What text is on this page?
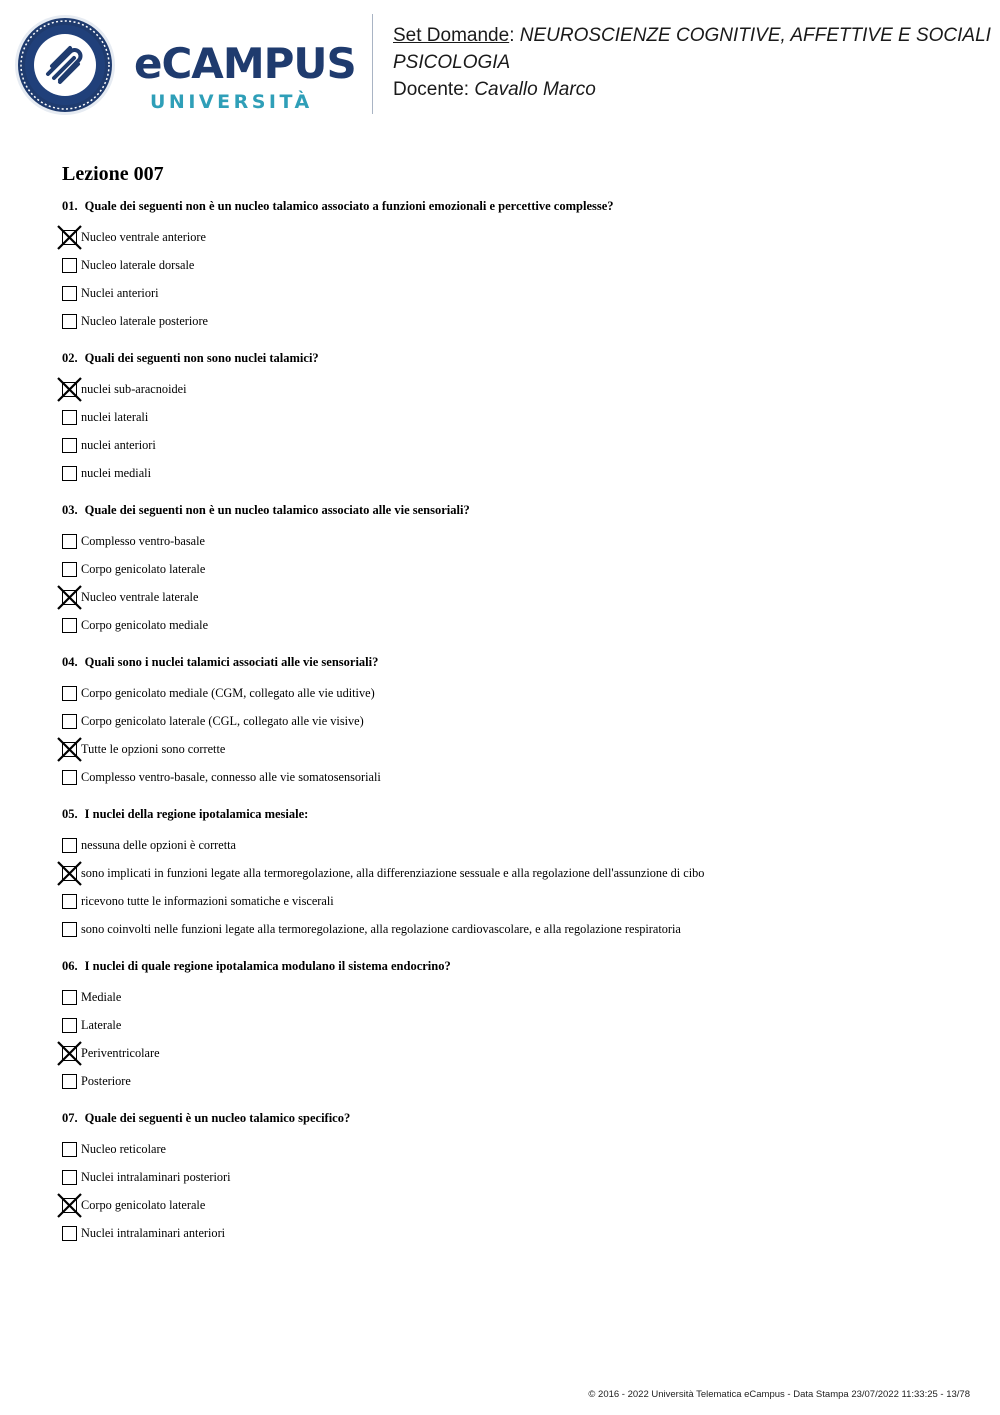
eCAMPUS
UNIVERSITÀ
Set Domande: NEUROSCIENZE COGNITIVE, AFFETTIVE E SOCIALI
PSICOLOGIA
Docente: Cavallo Marco
Lezione 007
01. Quale dei seguenti non è un nucleo talamico associato a funzioni emozionali e percettive complesse?
Nucleo ventrale anteriore
Nucleo laterale dorsale
Nuclei anteriori
Nucleo laterale posteriore
02. Quali dei seguenti non sono nuclei talamici?
nuclei sub-aracnoidei
nuclei laterali
nuclei anteriori
nuclei mediali
03. Quale dei seguenti non è un nucleo talamico associato alle vie sensoriali?
Complesso ventro-basale
Corpo genicolato laterale
Nucleo ventrale laterale
Corpo genicolato mediale
04. Quali sono i nuclei talamici associati alle vie sensoriali?
Corpo genicolato mediale (CGM, collegato alle vie uditive)
Corpo genicolato laterale (CGL, collegato alle vie visive)
Tutte le opzioni sono corrette
Complesso ventro-basale, connesso alle vie somatosensoriali
05. I nuclei della regione ipotalamica mesiale:
nessuna delle opzioni è corretta
sono implicati in funzioni legate alla termoregolazione, alla differenziazione sessuale e alla regolazione dell'assunzione di cibo
ricevono tutte le informazioni somatiche e viscerali
sono coinvolti nelle funzioni legate alla termoregolazione, alla regolazione cardiovascolare, e alla regolazione respiratoria
06. I nuclei di quale regione ipotalamica modulano il sistema endocrino?
Mediale
Laterale
Periventricolare
Posteriore
07. Quale dei seguenti è un nucleo talamico specifico?
Nucleo reticolare
Nuclei intralaminari posteriori
Corpo genicolato laterale
Nuclei intralaminari anteriori
© 2016 - 2022 Università Telematica eCampus - Data Stampa 23/07/2022 11:33:25 - 13/78
